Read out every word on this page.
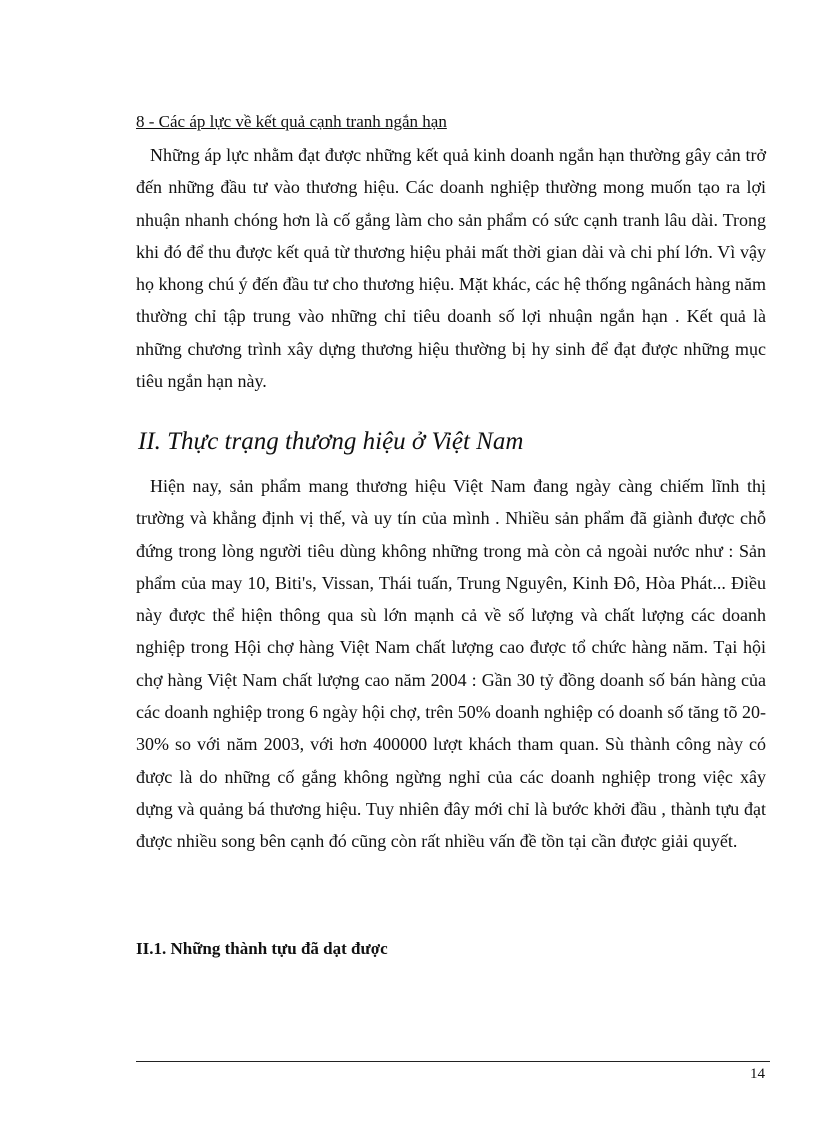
8 - Các áp lực về kết quả cạnh tranh ngắn hạn

Những áp lực nhằm đạt được những kết quả kinh doanh ngắn hạn thường gây cản trở đến những đầu tư vào thương hiệu. Các doanh nghiệp thường mong muốn tạo ra lợi nhuận nhanh chóng hơn là cố gắng làm cho sản phẩm có sức cạnh tranh lâu dài. Trong khi đó để thu được kết quả từ thương hiệu phải mất thời gian dài và chi phí lớn. Vì vậy họ khong chú ý đến đầu tư cho thương hiệu. Mặt khác, các hệ thống ngânách hàng năm thường chỉ tập trung vào những chỉ tiêu doanh số lợi nhuận ngắn hạn . Kết quả là những chương trình xây dựng thương hiệu thường bị hy sinh để đạt được những mục tiêu ngắn hạn này.

II. Thực trạng thương hiệu ở Việt Nam

Hiện nay, sản phẩm mang thương hiệu Việt Nam đang ngày càng chiếm lĩnh thị trường và khẳng định vị thế, và uy tín của mình . Nhiều sản phẩm đã giành được chỗ đứng trong lòng người tiêu dùng không những trong mà còn cả ngoài nước như : Sản phẩm của may 10, Biti's, Vissan, Thái tuấn, Trung Nguyên, Kinh Đô, Hòa Phát... Điều này được thể hiện thông qua sù lớn mạnh cả về số lượng và chất lượng các doanh nghiệp trong Hội chợ hàng Việt Nam chất lượng cao được tổ chức hàng năm. Tại hội chợ hàng Việt Nam chất lượng cao năm 2004 : Gần 30 tỷ đồng doanh số bán hàng của các doanh nghiệp trong 6 ngày hội chợ, trên 50% doanh nghiệp có doanh số tăng tõ 20-30% so với năm 2003, với hơn 400000 lượt khách tham quan. Sù thành công này có được là do những cố gắng không ngừng nghỉ của các doanh nghiệp trong việc xây dựng và quảng bá thương hiệu. Tuy nhiên đây mới chỉ là bước khởi đầu , thành tựu đạt được nhiều song bên cạnh đó cũng còn rất nhiều vấn đề tồn tại cần được giải quyết.

II.1. Những thành tựu đã dạt được
14
